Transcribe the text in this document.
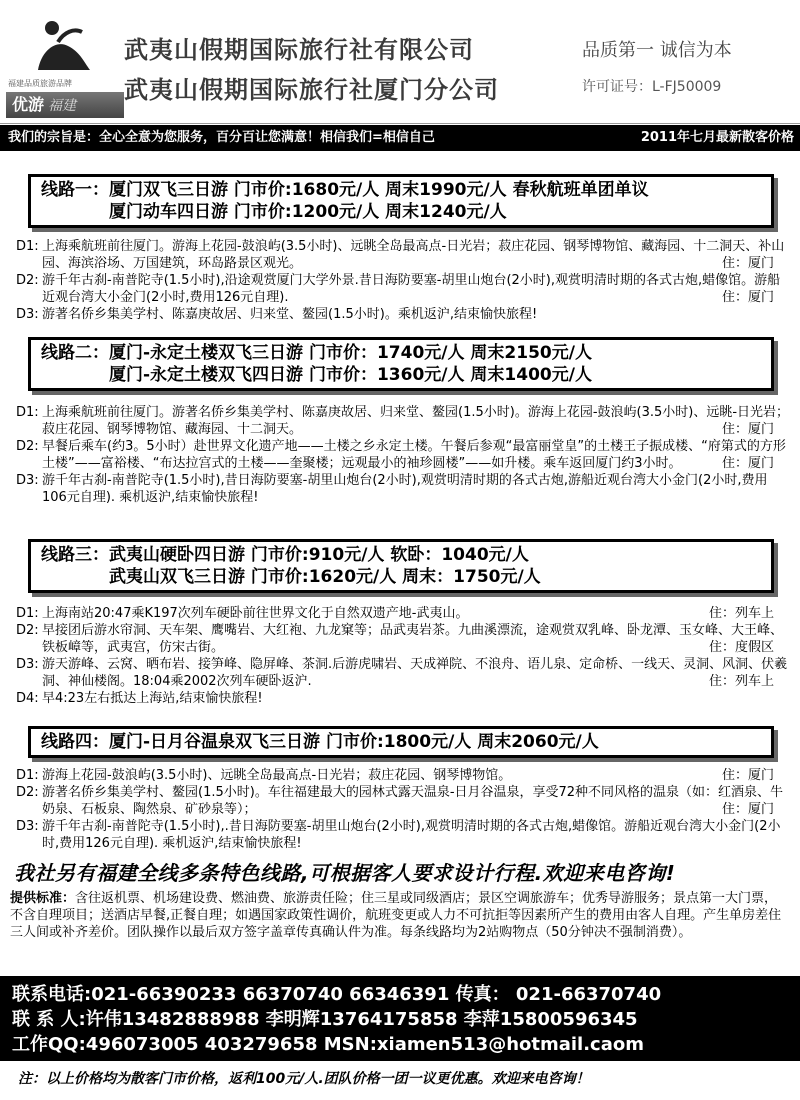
福建品质旅游品牌
优游 福建
武夷山假期国际旅行社有限公司
武夷山假期国际旅行社厦门分公司
品质第一 诚信为本
许可证号：L-FJ50009
我们的宗旨是：全心全意为您服务，百分百让您满意！相信我们=相信自己	2011年七月最新散客价格
线路一：厦门双飞三日游 门市价:1680元/人 周末1990元/人 春秋航班单团单议
厦门动车四日游 门市价:1200元/人 周末1240元/人
D1: 上海乘航班前往厦门。游海上花园-鼓浪屿(3.5小时)、远眺全岛最高点-日光岩；菽庄花园、钢琴博物馆、藏海园、十二洞天、补山园、海滨浴场、万国建筑，环岛路景区观光。	住：厦门
D2: 游千年古刹-南普陀寺(1.5小时),沿途观赏厦门大学外景.昔日海防要塞-胡里山炮台(2小时),观赏明清时期的各式古炮,蜡像馆。游船近观台湾大小金门(2小时,费用126元自理).	住：厦门
D3: 游著名侨乡集美学村、陈嘉庚故居、归来堂、鳌园(1.5小时)。乘机返沪,结束愉快旅程!
线路二：厦门-永定土楼双飞三日游 门市价：1740元/人 周末2150元/人
厦门-永定土楼双飞四日游 门市价：1360元/人 周末1400元/人
D1: 上海乘航班前往厦门。游著名侨乡集美学村、陈嘉庚故居、归来堂、鳌园(1.5小时)。游海上花园-鼓浪屿(3.5小时)、远眺-日光岩；菽庄花园、钢琴博物馆、藏海园、十二洞天。	住：厦门
D2: 早餐后乘车(约3。5小时）赴世界文化遗产地——土楼之乡永定土楼。午餐后参观“最富丽堂皇”的土楼王子振成楼、“府第式的方形土楼”——富裕楼、“布达拉宫式的土楼——奎聚楼；远观最小的袖珍圆楼”——如升楼。乘车返回厦门约3小时。	住：厦门
D3: 游千年古刹-南普陀寺(1.5小时),昔日海防要塞-胡里山炮台(2小时),观赏明清时期的各式古炮,游船近观台湾大小金门(2小时,费用106元自理). 乘机返沪,结束愉快旅程!
线路三：武夷山硬卧四日游 门市价:910元/人 软卧：1040元/人
武夷山双飞三日游 门市价:1620元/人 周末：1750元/人
D1: 上海南站20:47乘K197次列车硬卧前往世界文化于自然双遗产地-武夷山。	住：列车上
D2: 早接团后游水帘洞、天车架、鹰嘴岩、大红袍、九龙窠等；品武夷岩茶。九曲溪漂流，途观赏双乳峰、卧龙潭、玉女峰、大王峰、铁板嶂等，武夷宫，仿宋古街。	住：度假区
D3: 游天游峰、云窝、晒布岩、接笋峰、隐屏峰、茶洞.后游虎啸岩、天成禅院、不浪舟、语儿泉、定命桥、一线天、灵洞、风洞、伏羲洞、神仙楼阁。18:04乘2002次列车硬卧返沪.	住：列车上
D4: 早4:23左右抵达上海站,结束愉快旅程!
线路四：厦门-日月谷温泉双飞三日游 门市价:1800元/人 周末2060元/人
D1: 游海上花园-鼓浪屿(3.5小时)、远眺全岛最高点-日光岩；菽庄花园、钢琴博物馆。	住：厦门
D2: 游著名侨乡集美学村、鳌园(1.5小时)。车往福建最大的园林式露天温泉-日月谷温泉，享受72种不同风格的温泉（如：红酒泉、牛奶泉、石板泉、陶然泉、矿砂泉等）；	住：厦门
D3: 游千年古刹-南普陀寺(1.5小时),.昔日海防要塞-胡里山炮台(2小时),观赏明清时期的各式古炮,蜡像馆。游船近观台湾大小金门(2小时,费用126元自理). 乘机返沪,结束愉快旅程!
我社另有福建全线多条特色线路,可根据客人要求设计行程.欢迎来电咨询!
提供标准：含往返机票、机场建设费、燃油费、旅游责任险；住三星或同级酒店；景区空调旅游车；优秀导游服务；景点第一大门票，不含自理项目；送酒店早餐,正餐自理；如遇国家政策性调价，航班变更或人力不可抗拒等因素所产生的费用由客人自理。产生单房差住三人间或补齐差价。团队操作以最后双方签字盖章传真确认件为准。每条线路均为2站购物点（50分钟决不强制消费）。
联系电话:021-66390233 66370740 66346391 传真： 021-66370740
联 系 人:许伟13482888988 李明辉13764175858 李萍15800596345
工作QQ:496073005 403279658 MSN:xiamen513@hotmail.caom
注：以上价格均为散客门市价格，返利100元/人.团队价格一团一议更优惠。欢迎来电咨询！
